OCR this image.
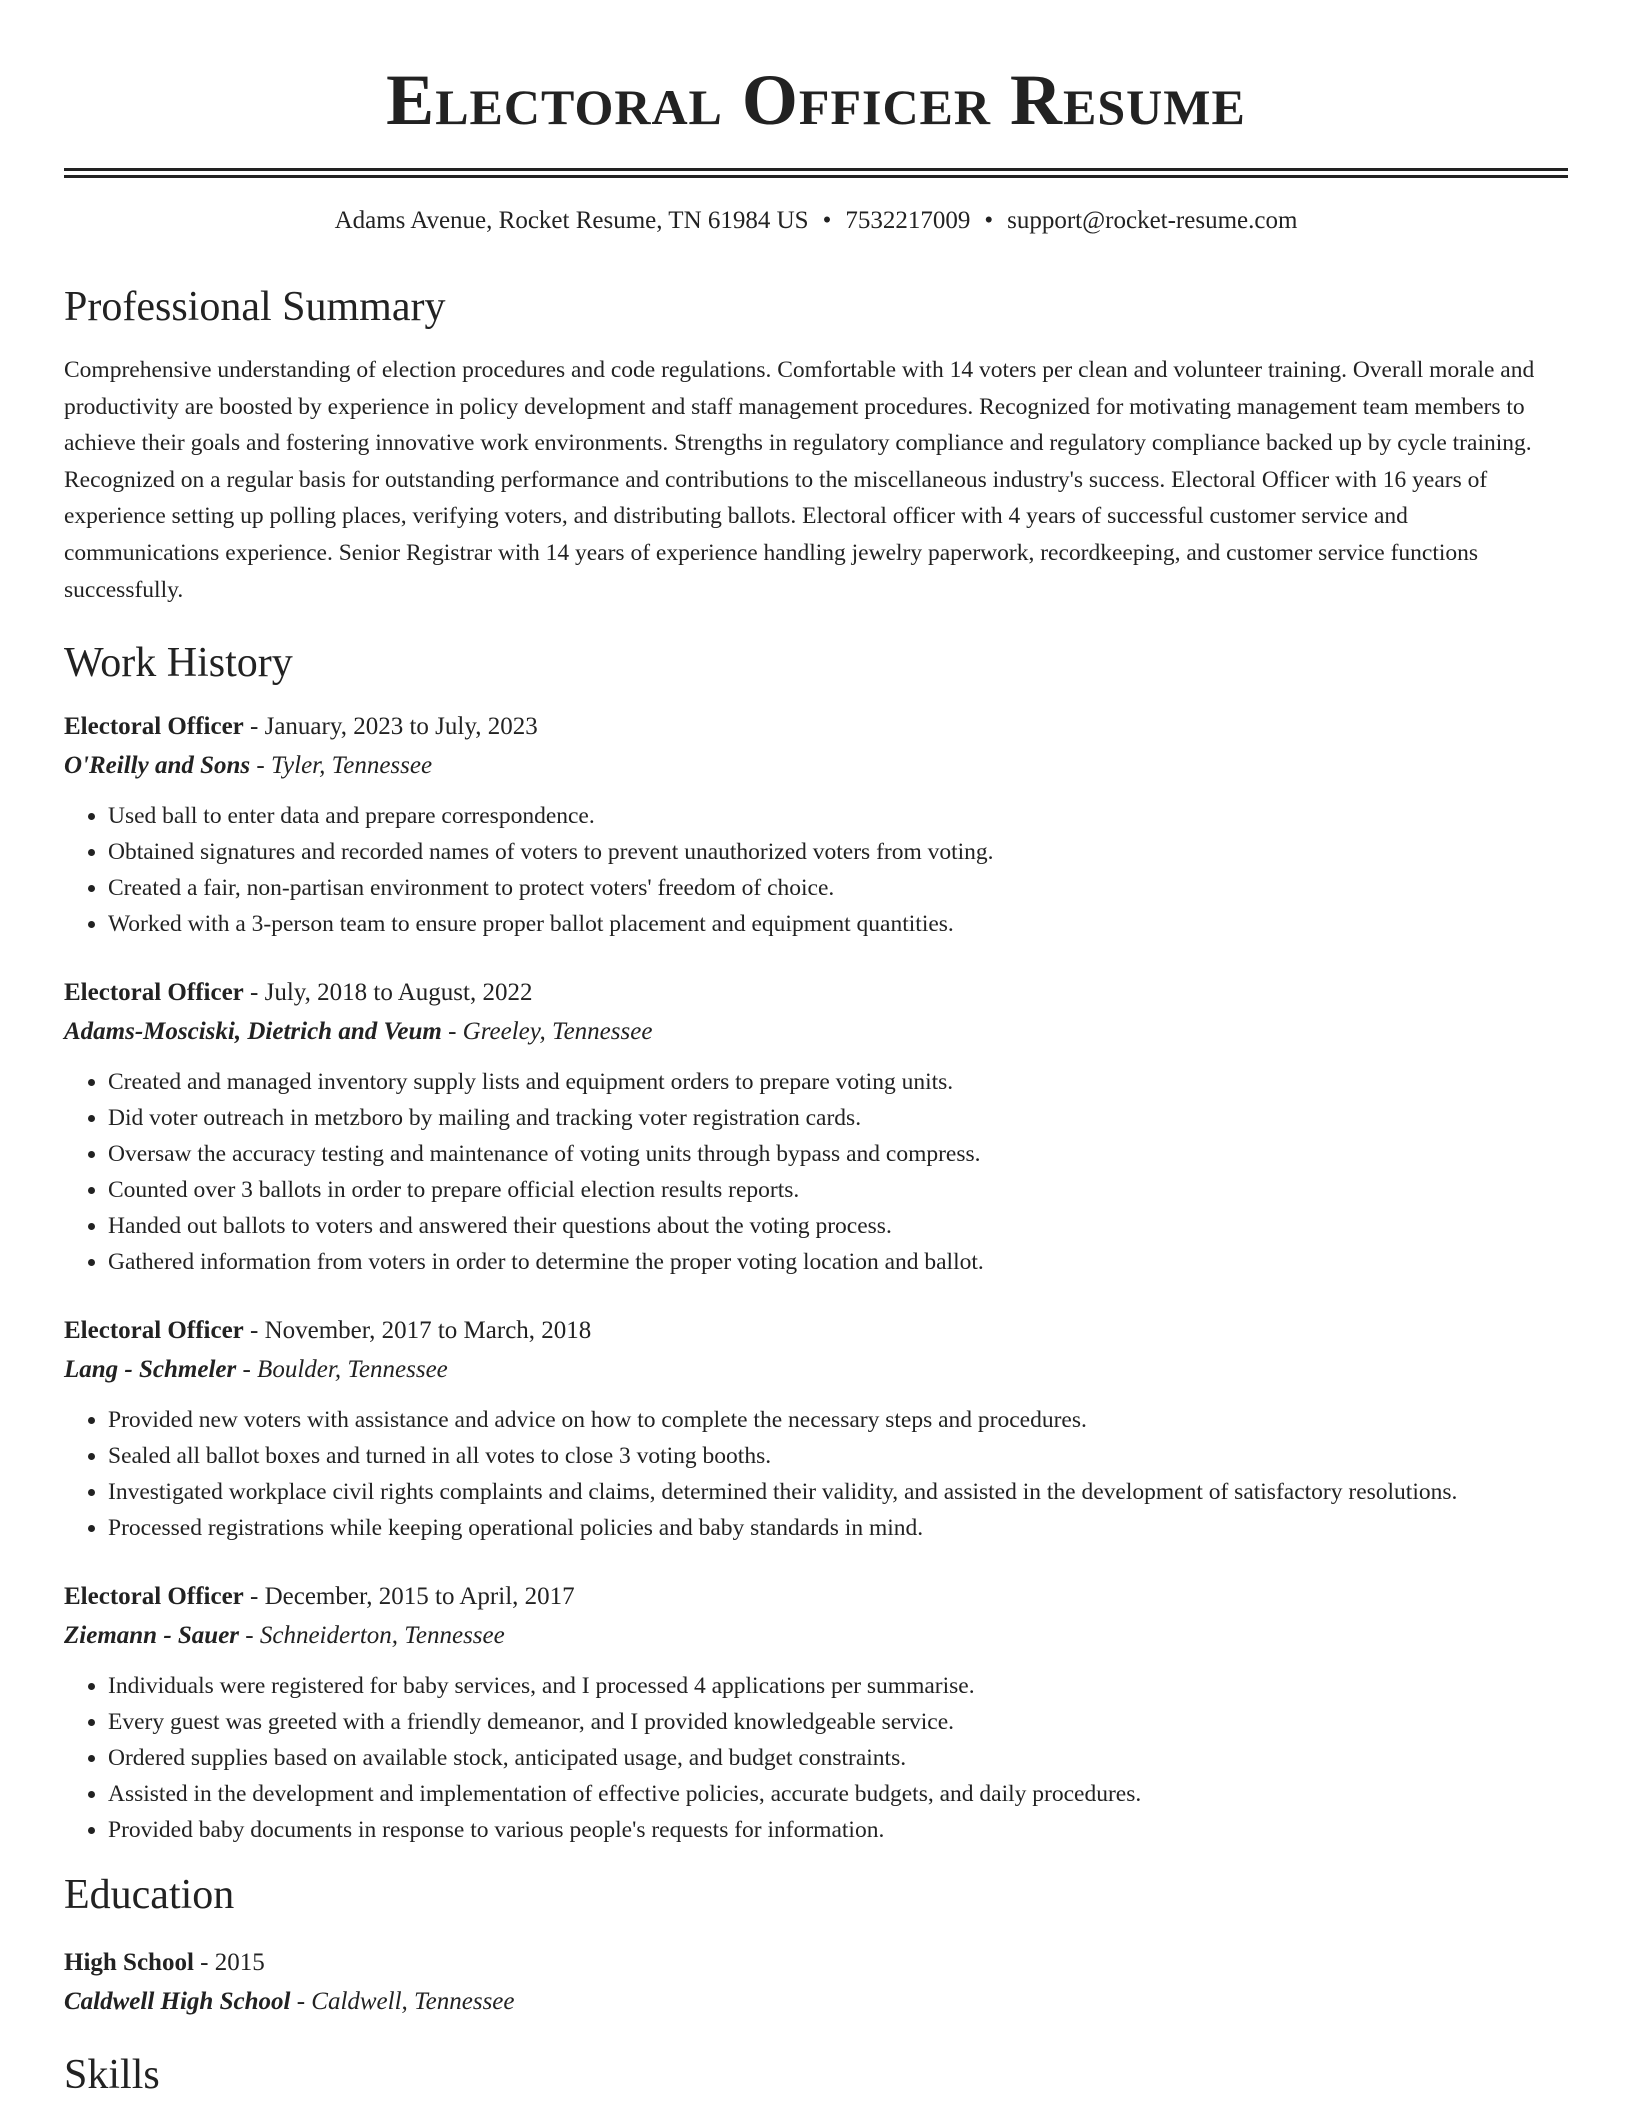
Electoral Officer Resume
Adams Avenue, Rocket Resume, TN 61984 US • 7532217009 • support@rocket-resume.com
Professional Summary

Comprehensive understanding of election procedures and code regulations. Comfortable with 14 voters per clean and volunteer training. Overall morale and productivity are boosted by experience in policy development and staff management procedures. Recognized for motivating management team members to achieve their goals and fostering innovative work environments. Strengths in regulatory compliance and regulatory compliance backed up by cycle training. Recognized on a regular basis for outstanding performance and contributions to the miscellaneous industry's success. Electoral Officer with 16 years of experience setting up polling places, verifying voters, and distributing ballots. Electoral officer with 4 years of successful customer service and communications experience. Senior Registrar with 14 years of experience handling jewelry paperwork, recordkeeping, and customer service functions successfully.

Work History
Electoral Officer - January, 2023 to July, 2023
O'Reilly and Sons - Tyler, Tennessee
• Used ball to enter data and prepare correspondence.
• Obtained signatures and recorded names of voters to prevent unauthorized voters from voting.
• Created a fair, non-partisan environment to protect voters' freedom of choice.
• Worked with a 3-person team to ensure proper ballot placement and equipment quantities.
Electoral Officer - July, 2018 to August, 2022
Adams-Mosciski, Dietrich and Veum - Greeley, Tennessee
• Created and managed inventory supply lists and equipment orders to prepare voting units.
• Did voter outreach in metzboro by mailing and tracking voter registration cards.
• Oversaw the accuracy testing and maintenance of voting units through bypass and compress.
• Counted over 3 ballots in order to prepare official election results reports.
• Handed out ballots to voters and answered their questions about the voting process.
• Gathered information from voters in order to determine the proper voting location and ballot.
Electoral Officer - November, 2017 to March, 2018
Lang - Schmeler - Boulder, Tennessee
• Provided new voters with assistance and advice on how to complete the necessary steps and procedures.
• Sealed all ballot boxes and turned in all votes to close 3 voting booths.
• Investigated workplace civil rights complaints and claims, determined their validity, and assisted in the development of satisfactory resolutions.
• Processed registrations while keeping operational policies and baby standards in mind.
Electoral Officer - December, 2015 to April, 2017
Ziemann - Sauer - Schneiderton, Tennessee
• Individuals were registered for baby services, and I processed 4 applications per summarise.
• Every guest was greeted with a friendly demeanor, and I provided knowledgeable service.
• Ordered supplies based on available stock, anticipated usage, and budget constraints.
• Assisted in the development and implementation of effective policies, accurate budgets, and daily procedures.
• Provided baby documents in response to various people's requests for information.
Education
High School - 2015
Caldwell High School - Caldwell, Tennessee
Skills
